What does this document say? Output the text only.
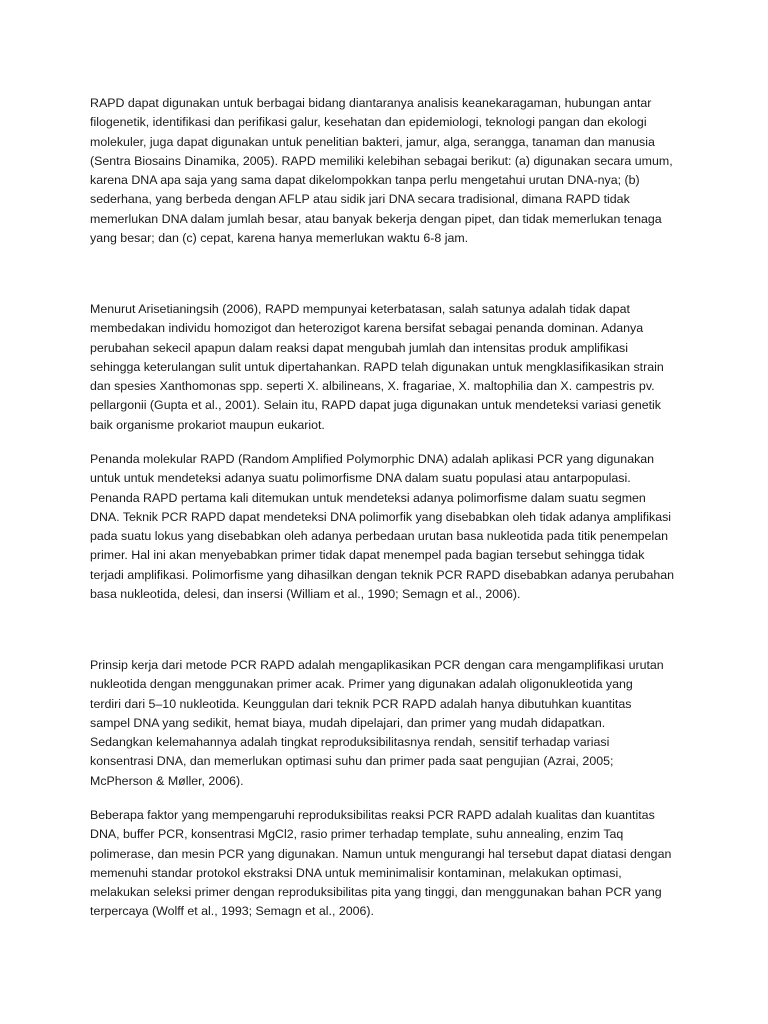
RAPD dapat digunakan untuk berbagai bidang diantaranya analisis keanekaragaman, hubungan antar
filogenetik, identifikasi dan perifikasi galur, kesehatan dan epidemiologi, teknologi pangan dan ekologi
molekuler, juga dapat digunakan untuk penelitian bakteri, jamur, alga, serangga, tanaman dan manusia
(Sentra Biosains Dinamika, 2005). RAPD memiliki kelebihan sebagai berikut: (a) digunakan secara umum,
karena DNA apa saja yang sama dapat dikelompokkan tanpa perlu mengetahui urutan DNA-nya; (b)
sederhana, yang berbeda dengan AFLP atau sidik jari DNA secara tradisional, dimana RAPD tidak
memerlukan DNA dalam jumlah besar, atau banyak bekerja dengan pipet, dan tidak memerlukan tenaga
yang besar; dan (c) cepat, karena hanya memerlukan waktu 6-8 jam.

Menurut Arisetianingsih (2006), RAPD mempunyai keterbatasan, salah satunya adalah tidak dapat
membedakan individu homozigot dan heterozigot karena bersifat sebagai penanda dominan. Adanya
perubahan sekecil apapun dalam reaksi dapat mengubah jumlah dan intensitas produk amplifikasi
sehingga keterulangan sulit untuk dipertahankan. RAPD telah digunakan untuk mengklasifikasikan strain
dan spesies Xanthomonas spp. seperti X. albilineans, X. fragariae, X. maltophilia dan X. campestris pv.
pellargonii (Gupta et al., 2001). Selain itu, RAPD dapat juga digunakan untuk mendeteksi variasi genetik
baik organisme prokariot maupun eukariot.

Penanda molekular RAPD (Random Amplified Polymorphic DNA) adalah aplikasi PCR yang digunakan
untuk untuk mendeteksi adanya suatu polimorfisme DNA dalam suatu populasi atau antarpopulasi.
Penanda RAPD pertama kali ditemukan untuk mendeteksi adanya polimorfisme dalam suatu segmen
DNA. Teknik PCR RAPD dapat mendeteksi DNA polimorfik yang disebabkan oleh tidak adanya amplifikasi
pada suatu lokus yang disebabkan oleh adanya perbedaan urutan basa nukleotida pada titik penempelan
primer. Hal ini akan menyebabkan primer tidak dapat menempel pada bagian tersebut sehingga tidak
terjadi amplifikasi. Polimorfisme yang dihasilkan dengan teknik PCR RAPD disebabkan adanya perubahan
basa nukleotida, delesi, dan insersi (William et al., 1990; Semagn et al., 2006).

Prinsip kerja dari metode PCR RAPD adalah mengaplikasikan PCR dengan cara mengamplifikasi urutan
nukleotida dengan menggunakan primer acak. Primer yang digunakan adalah oligonukleotida yang
terdiri dari 5–10 nukleotida. Keunggulan dari teknik PCR RAPD adalah hanya dibutuhkan kuantitas
sampel DNA yang sedikit, hemat biaya, mudah dipelajari, dan primer yang mudah didapatkan.
Sedangkan kelemahannya adalah tingkat reproduksibilitasnya rendah, sensitif terhadap variasi
konsentrasi DNA, dan memerlukan optimasi suhu dan primer pada saat pengujian (Azrai, 2005;
McPherson & Møller, 2006).

Beberapa faktor yang mempengaruhi reproduksibilitas reaksi PCR RAPD adalah kualitas dan kuantitas
DNA, buffer PCR, konsentrasi MgCl2, rasio primer terhadap template, suhu annealing, enzim Taq
polimerase, dan mesin PCR yang digunakan. Namun untuk mengurangi hal tersebut dapat diatasi dengan
memenuhi standar protokol ekstraksi DNA untuk meminimalisir kontaminan, melakukan optimasi,
melakukan seleksi primer dengan reproduksibilitas pita yang tinggi, dan menggunakan bahan PCR yang
terpercaya (Wolff et al., 1993; Semagn et al., 2006).
